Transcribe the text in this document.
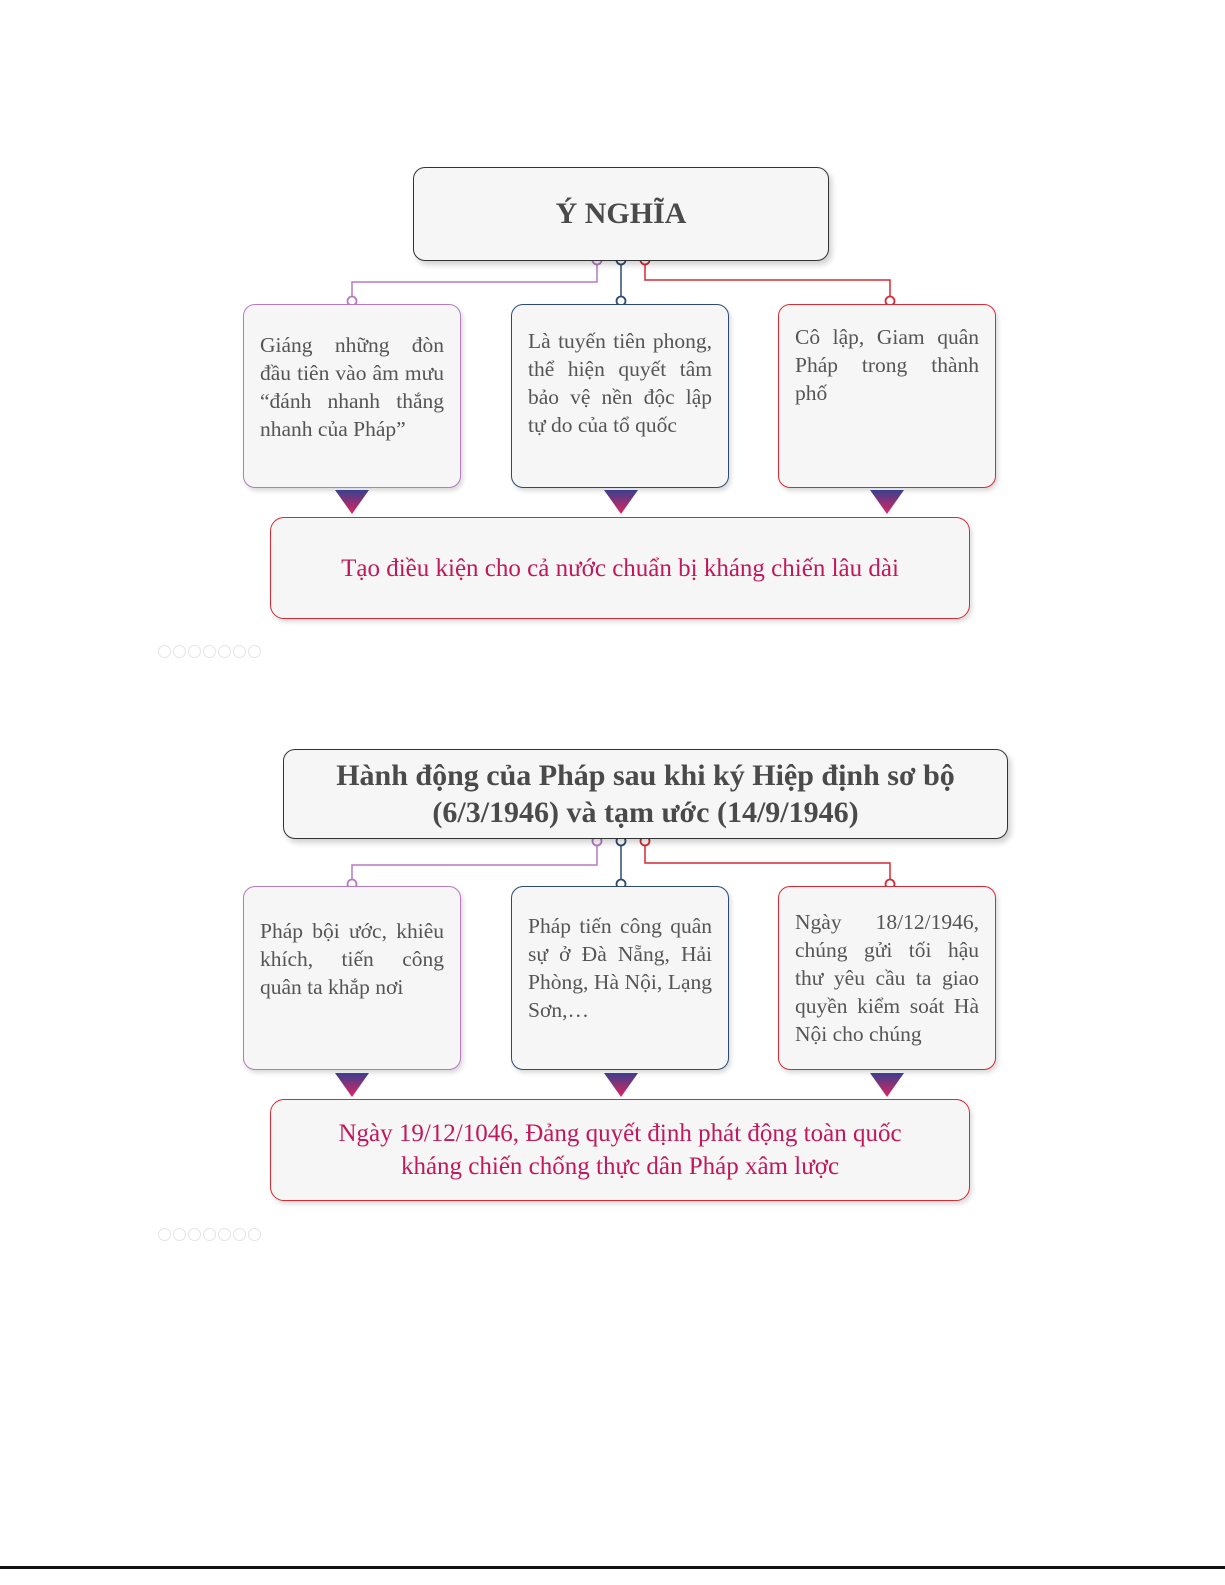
Ý NGHĨA
Giáng những đòn đầu tiên vào âm mưu “đánh nhanh thắng nhanh của Pháp”
Là tuyến tiên phong, thể hiện quyết tâm bảo vệ nền độc lập tự do của tổ quốc
Cô lập, Giam quân Pháp trong thành phố
Tạo điều kiện cho cả nước chuẩn bị kháng chiến lâu dài
Hành động của Pháp sau khi ký Hiệp định sơ bộ (6/3/1946) và tạm ước (14/9/1946)
Pháp bội ước, khiêu khích, tiến công quân ta khắp nơi
Pháp tiến công quân sự ở Đà Nẵng, Hải Phòng, Hà Nội, Lạng Sơn,…
Ngày 18/12/1946, chúng gửi tối hậu thư yêu cầu ta giao quyền kiểm soát Hà Nội cho chúng
Ngày 19/12/1046, Đảng quyết định phát động toàn quốc kháng chiến chống thực dân Pháp xâm lược
